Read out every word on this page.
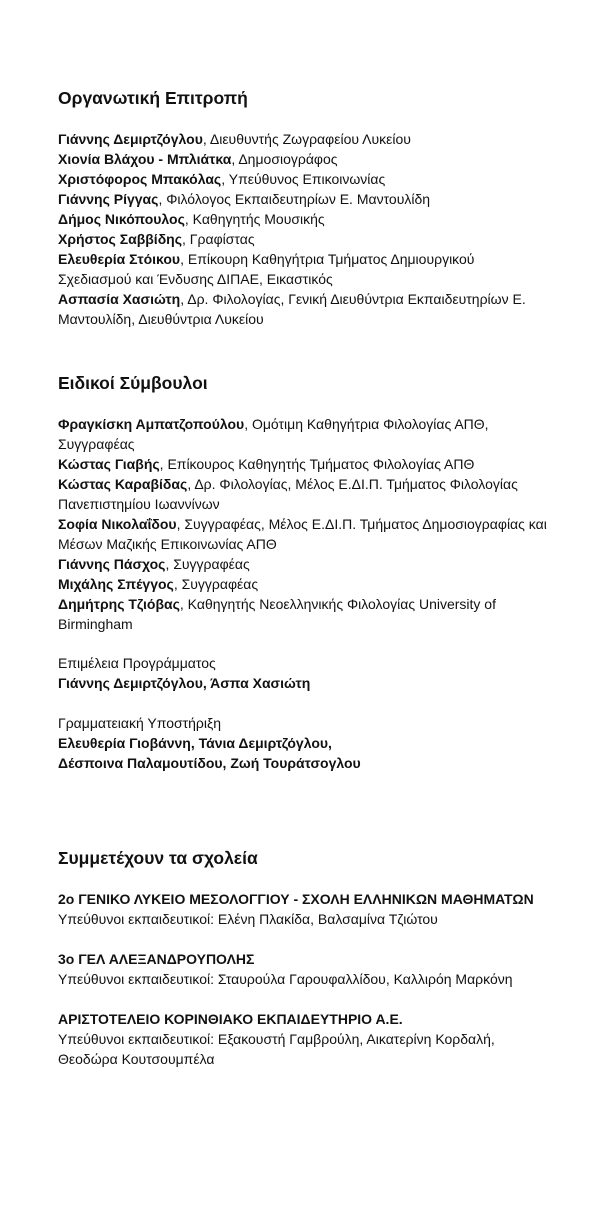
Οργανωτική Επιτροπή

Γιάννης Δεμιρτζόγλου, Διευθυντής Ζωγραφείου Λυκείου

Χιονία Βλάχου - Μπλιάτκα, Δημοσιογράφος

Χριστόφορος Μπακόλας, Υπεύθυνος Επικοινωνίας

Γιάννης Ρίγγας, Φιλόλογος Εκπαιδευτηρίων Ε. Μαντουλίδη

Δήμος Νικόπουλος, Καθηγητής Μουσικής

Χρήστος Σαββίδης, Γραφίστας

Ελευθερία Στόικου, Επίκουρη Καθηγήτρια Τμήματος Δημιουργικού Σχεδιασμού και Ένδυσης ΔΙΠΑΕ, Εικαστικός

Ασπασία Χασιώτη, Δρ. Φιλολογίας, Γενική Διευθύντρια Εκπαιδευτηρίων Ε. Μαντουλίδη, Διευθύντρια Λυκείου

Ειδικοί Σύμβουλοι

Φραγκίσκη Αμπατζοπούλου, Ομότιμη Καθηγήτρια Φιλολογίας ΑΠΘ, Συγγραφέας

Κώστας Γιαβής, Επίκουρος Καθηγητής Τμήματος Φιλολογίας ΑΠΘ

Κώστας Καραβίδας, Δρ. Φιλολογίας, Μέλος Ε.ΔΙ.Π. Τμήματος Φιλολογίας Πανεπιστημίου Ιωαννίνων

Σοφία Νικολαΐδου, Συγγραφέας, Μέλος Ε.ΔΙ.Π. Τμήματος Δημοσιογραφίας και Μέσων Μαζικής Επικοινωνίας ΑΠΘ

Γιάννης Πάσχος, Συγγραφέας

Μιχάλης Σπέγγος, Συγγραφέας

Δημήτρης Τζιόβας, Καθηγητής Νεοελληνικής Φιλολογίας University of Birmingham

Επιμέλεια Προγράμματος

Γιάννης Δεμιρτζόγλου, Άσπα Χασιώτη

Γραμματειακή Υποστήριξη

Ελευθερία Γιοβάννη, Τάνια Δεμιρτζόγλου,

Δέσποινα Παλαμουτίδου, Ζωή Τουράτσογλου

Συμμετέχουν τα σχολεία

2ο ΓΕΝΙΚΟ ΛΥΚΕΙΟ ΜΕΣΟΛΟΓΓΙΟΥ - ΣΧΟΛΗ ΕΛΛΗΝΙΚΩΝ ΜΑΘΗΜΑΤΩΝ

Υπεύθυνοι εκπαιδευτικοί: Ελένη Πλακίδα, Βαλσαμίνα Τζιώτου

3ο ΓΕΛ ΑΛΕΞΑΝΔΡΟΥΠΟΛΗΣ

Υπεύθυνοι εκπαιδευτικοί: Σταυρούλα Γαρουφαλλίδου, Καλλιρόη Μαρκόνη

ΑΡΙΣΤΟΤΕΛΕΙΟ ΚΟΡΙΝΘΙΑΚΟ ΕΚΠΑΙΔΕΥΤΗΡΙΟ Α.Ε.

Υπεύθυνοι εκπαιδευτικοί: Εξακουστή Γαμβρούλη, Αικατερίνη Κορδαλή, Θεοδώρα Κουτσουμπέλα
